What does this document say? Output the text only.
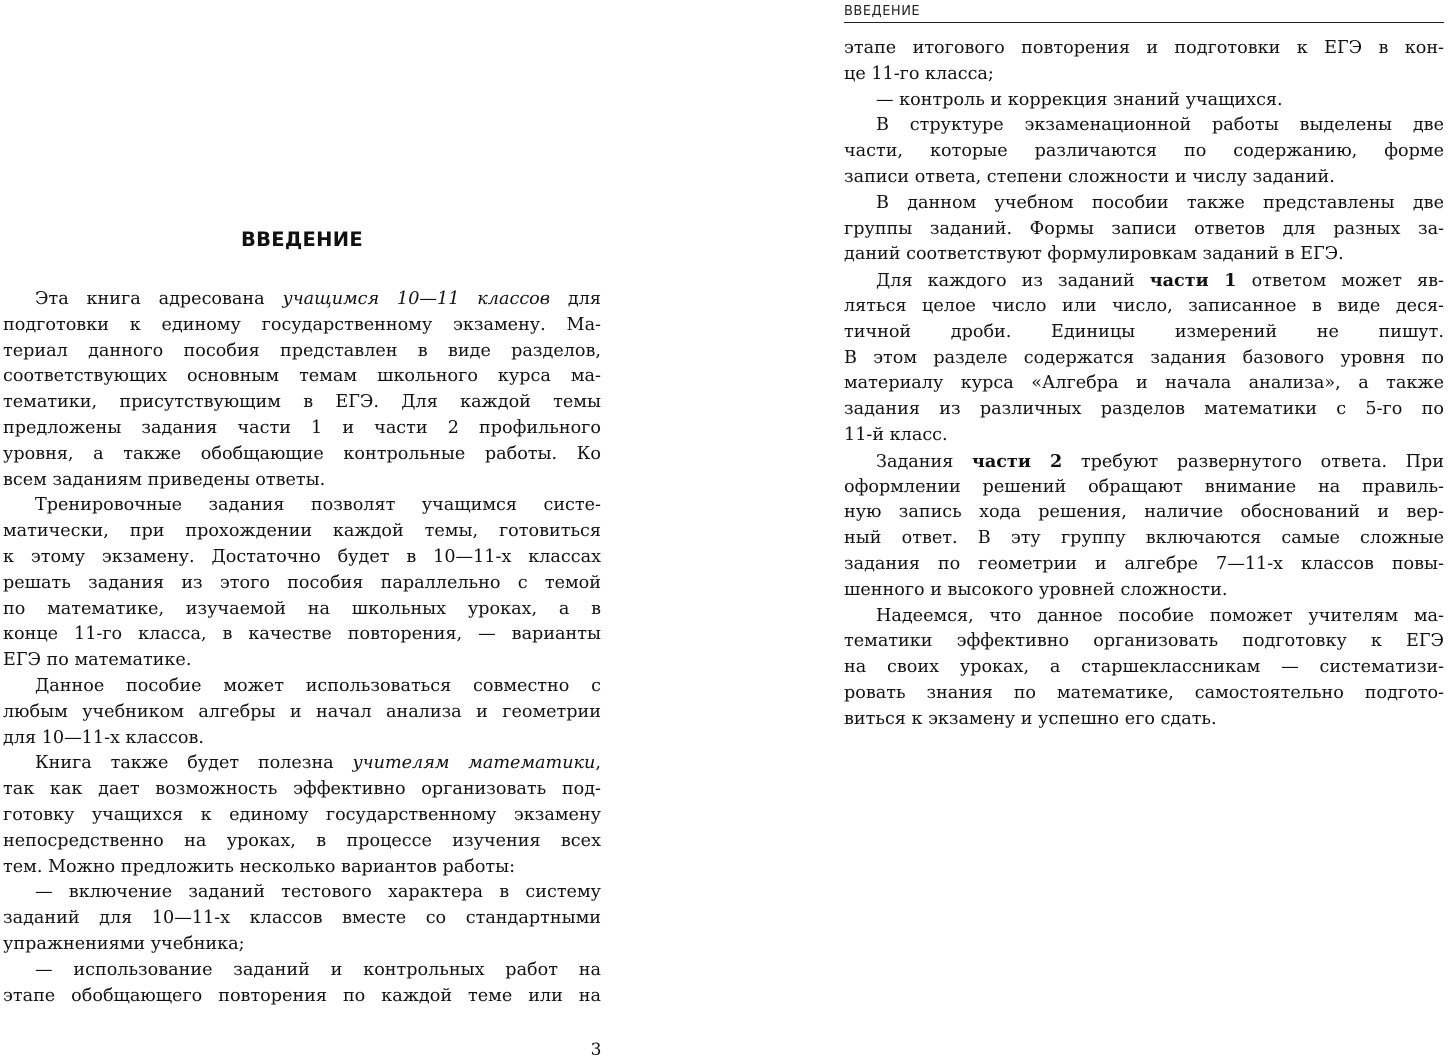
ВВЕДЕНИЕ
Эта книга адресована учащимся 10—11 классов для
подготовки к единому государственному экзамену. Ма-
териал данного пособия представлен в виде разделов,
соответствующих основным темам школьного курса ма-
тематики, присутствующим в ЕГЭ. Для каждой темы
предложены задания части 1 и части 2 профильного
уровня, а также обобщающие контрольные работы. Ко
всем заданиям приведены ответы.
Тренировочные задания позволят учащимся систе-
матически, при прохождении каждой темы, готовиться
к этому экзамену. Достаточно будет в 10—11-х классах
решать задания из этого пособия параллельно с темой
по математике, изучаемой на школьных уроках, а в
конце 11-го класса, в качестве повторения, — варианты
ЕГЭ по математике.
Данное пособие может использоваться совместно с
любым учебником алгебры и начал анализа и геометрии
для 10—11-х классов.
Книга также будет полезна учителям математики,
так как дает возможность эффективно организовать под-
готовку учащихся к единому государственному экзамену
непосредственно на уроках, в процессе изучения всех
тем. Можно предложить несколько вариантов работы:
— включение заданий тестового характера в систему
заданий для 10—11-х классов вместе со стандартными
упражнениями учебника;
— использование заданий и контрольных работ на
этапе обобщающего повторения по каждой теме или на
3
ВВЕДЕНИЕ
этапе итогового повторения и подготовки к ЕГЭ в кон-
це 11-го класса;
— контроль и коррекция знаний учащихся.
В структуре экзаменационной работы выделены две
части, которые различаются по содержанию, форме
записи ответа, степени сложности и числу заданий.
В данном учебном пособии также представлены две
группы заданий. Формы записи ответов для разных за-
даний соответствуют формулировкам заданий в ЕГЭ.
Для каждого из заданий части 1 ответом может яв-
ляться целое число или число, записанное в виде деся-
тичной дроби. Единицы измерений не пишут.
В этом разделе содержатся задания базового уровня по
материалу курса «Алгебра и начала анализа», а также
задания из различных разделов математики с 5-го по
11-й класс.
Задания части 2 требуют развернутого ответа. При
оформлении решений обращают внимание на правиль-
ную запись хода решения, наличие обоснований и вер-
ный ответ. В эту группу включаются самые сложные
задания по геометрии и алгебре 7—11-х классов повы-
шенного и высокого уровней сложности.
Надеемся, что данное пособие поможет учителям ма-
тематики эффективно организовать подготовку к ЕГЭ
на своих уроках, а старшеклассникам — систематизи-
ровать знания по математике, самостоятельно подгото-
виться к экзамену и успешно его сдать.
